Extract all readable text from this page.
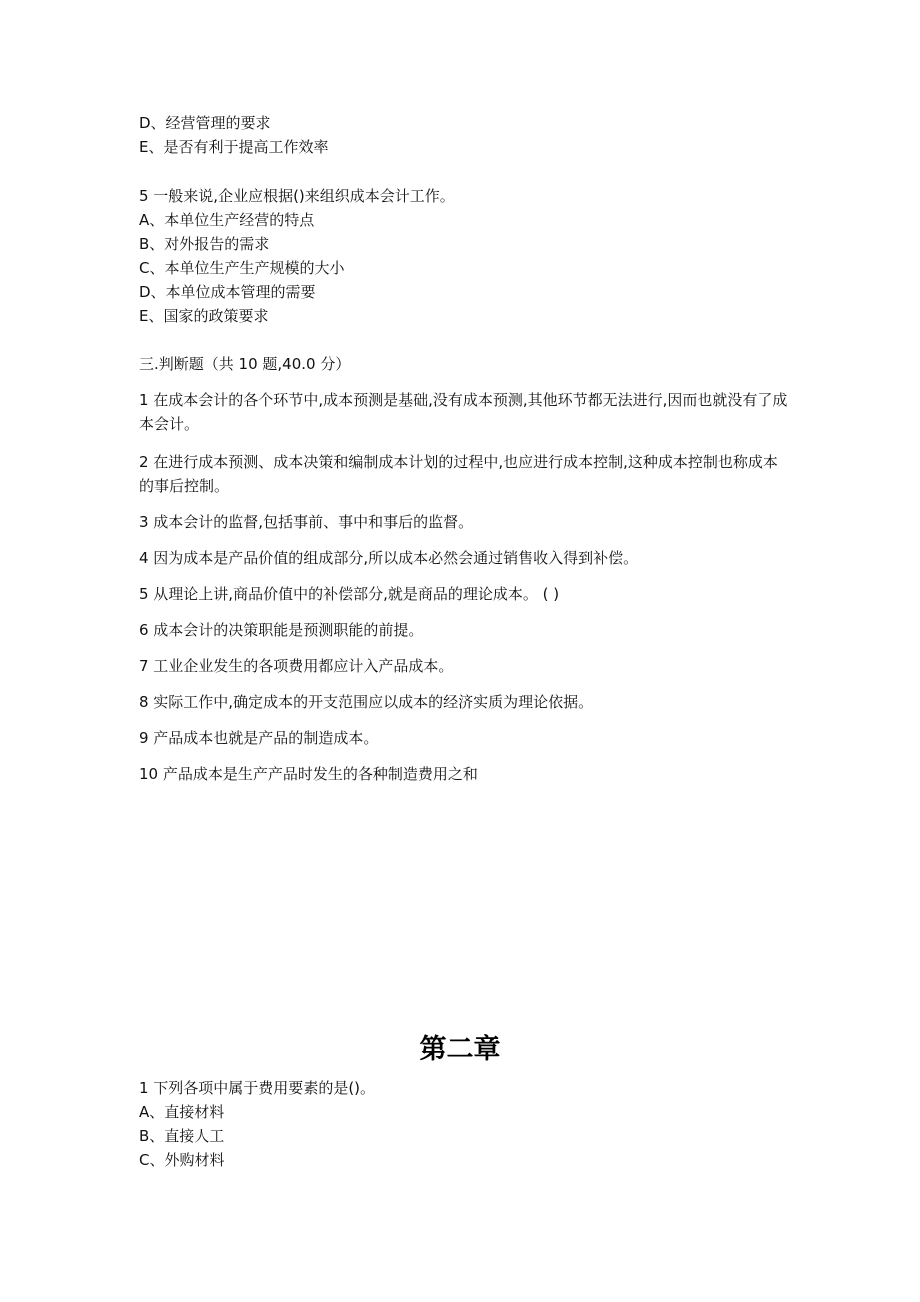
D、经营管理的要求
E、是否有利于提高工作效率
5 一般来说,企业应根据()来组织成本会计工作。
A、本单位生产经营的特点
B、对外报告的需求
C、本单位生产生产规模的大小
D、本单位成本管理的需要
E、国家的政策要求
三.判断题（共 10 题,40.0 分）
1 在成本会计的各个环节中,成本预测是基础,没有成本预测,其他环节都无法进行,因而也就没有了成本会计。
2 在进行成本预测、成本决策和编制成本计划的过程中,也应进行成本控制,这种成本控制也称成本的事后控制。
3 成本会计的监督,包括事前、事中和事后的监督。
4 因为成本是产品价值的组成部分,所以成本必然会通过销售收入得到补偿。
5 从理论上讲,商品价值中的补偿部分,就是商品的理论成本。 ( )
6 成本会计的决策职能是预测职能的前提。
7 工业企业发生的各项费用都应计入产品成本。
8 实际工作中,确定成本的开支范围应以成本的经济实质为理论依据。
9 产品成本也就是产品的制造成本。
10 产品成本是生产产品时发生的各种制造费用之和
第二章
1 下列各项中属于费用要素的是()。
A、直接材料
B、直接人工
C、外购材料
